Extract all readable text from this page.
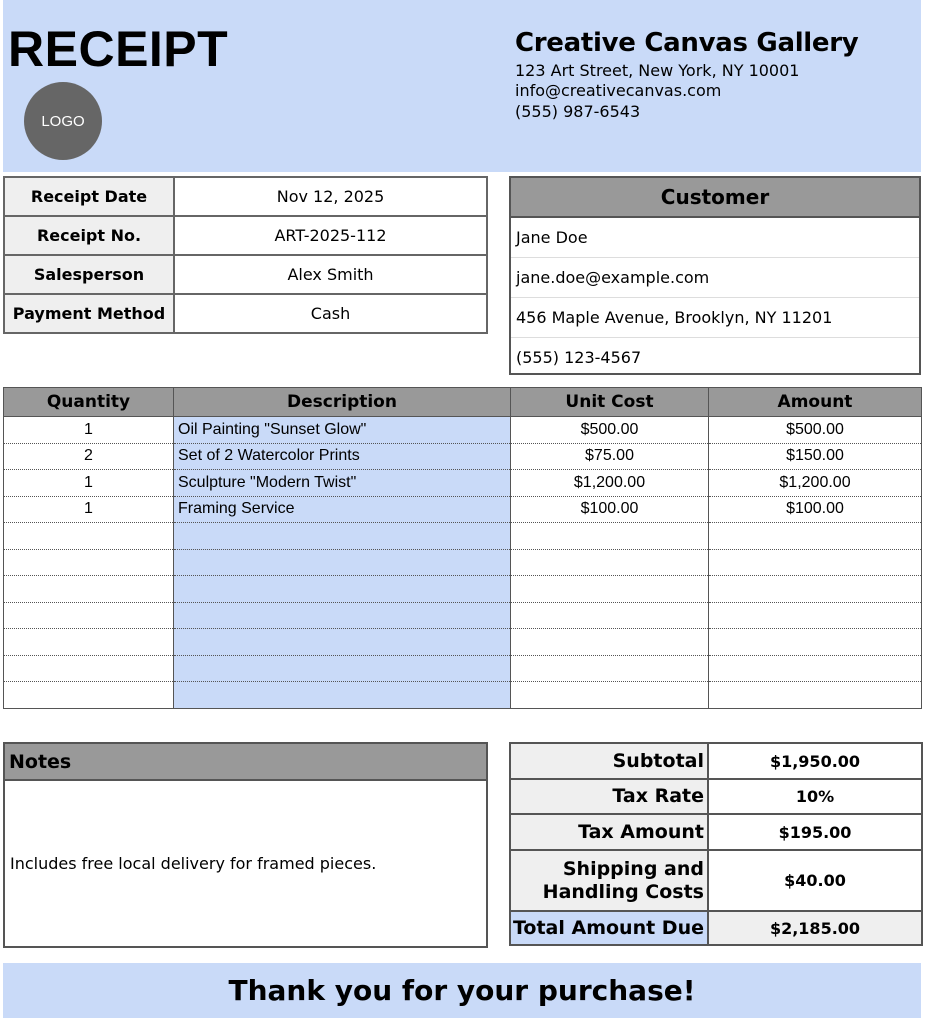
RECEIPT
LOGO
Creative Canvas Gallery
123 Art Street, New York, NY 10001
info@creativecanvas.com
(555) 987-6543
Receipt Date	Nov 12, 2025
Receipt No.	ART-2025-112
Salesperson	Alex Smith
Payment Method	Cash
Customer
Jane Doe
jane.doe@example.com
456 Maple Avenue, Brooklyn, NY 11201
(555) 123-4567
Quantity	Description	Unit Cost	Amount
1	Oil Painting "Sunset Glow"	$500.00	$500.00
2	Set of 2 Watercolor Prints	$75.00	$150.00
1	Sculpture "Modern Twist"	$1,200.00	$1,200.00
1	Framing Service	$100.00	$100.00

Notes
Includes free local delivery for framed pieces.
Subtotal	$1,950.00
Tax Rate	10%
Tax Amount	$195.00

Shipping and
Handling Costs	$40.00
Total Amount Due	$2,185.00
Thank you for your purchase!
